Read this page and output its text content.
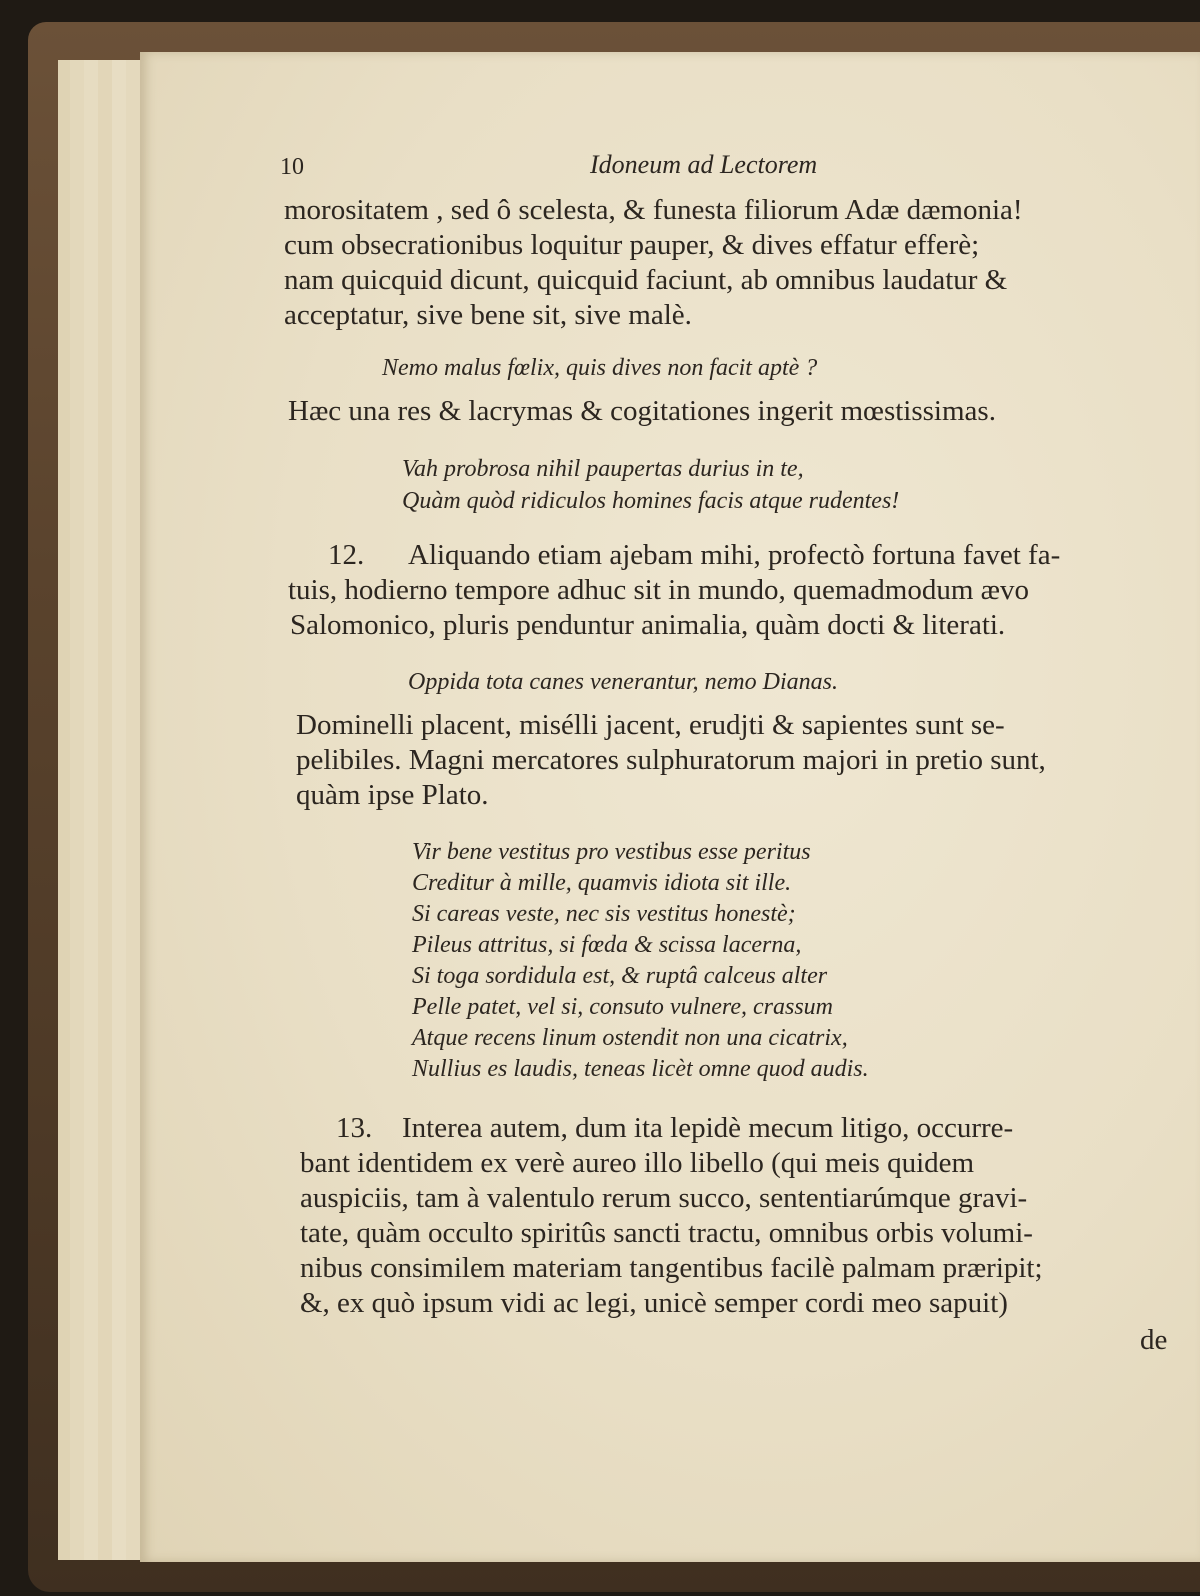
10	Idoneum ad Lectorem
morositatem , sed ô scelesta, & funesta filiorum Adæ dæmonia!
cum obsecrationibus loquitur pauper, & dives effatur efferè;
nam quicquid dicunt, quicquid faciunt, ab omnibus laudatur &
acceptatur, sive bene sit, sive malè.
Nemo malus fœlix, quis dives non facit aptè ?
Hæc una res & lacrymas & cogitationes ingerit mœstissimas.
Vah probrosa nihil paupertas durius in te,
Quàm quòd ridiculos homines facis atque rudentes!
12. Aliquando etiam ajebam mihi, profectò fortuna favet fa-
tuis, hodierno tempore adhuc sit in mundo, quemadmodum ævo
Salomonico, pluris penduntur animalia, quàm docti & literati.
Oppida tota canes venerantur, nemo Dianas.
Dominelli placent, misélli jacent, erudjti & sapientes sunt se-
pelibiles. Magni mercatores sulphuratorum majori in pretio sunt,
quàm ipse Plato.
Vir bene vestitus pro vestibus esse peritus
Creditur à mille, quamvis idiota sit ille.
Si careas veste, nec sis vestitus honestè;
Pileus attritus, si fœda & scissa lacerna,
Si toga sordidula est, & ruptâ calceus alter
Pelle patet, vel si, consuto vulnere, crassum
Atque recens linum ostendit non una cicatrix,
Nullius es laudis, teneas licèt omne quod audis.
13. Interea autem, dum ita lepidè mecum litigo, occurre-
bant identidem ex verè aureo illo libello (qui meis quidem
auspiciis, tam à valentulo rerum succo, sententiarúmque gravi-
tate, quàm occulto spiritûs sancti tractu, omnibus orbis volumi-
nibus consimilem materiam tangentibus facilè palmam præripit;
&, ex quò ipsum vidi ac legi, unicè semper cordi meo sapuit)
de
